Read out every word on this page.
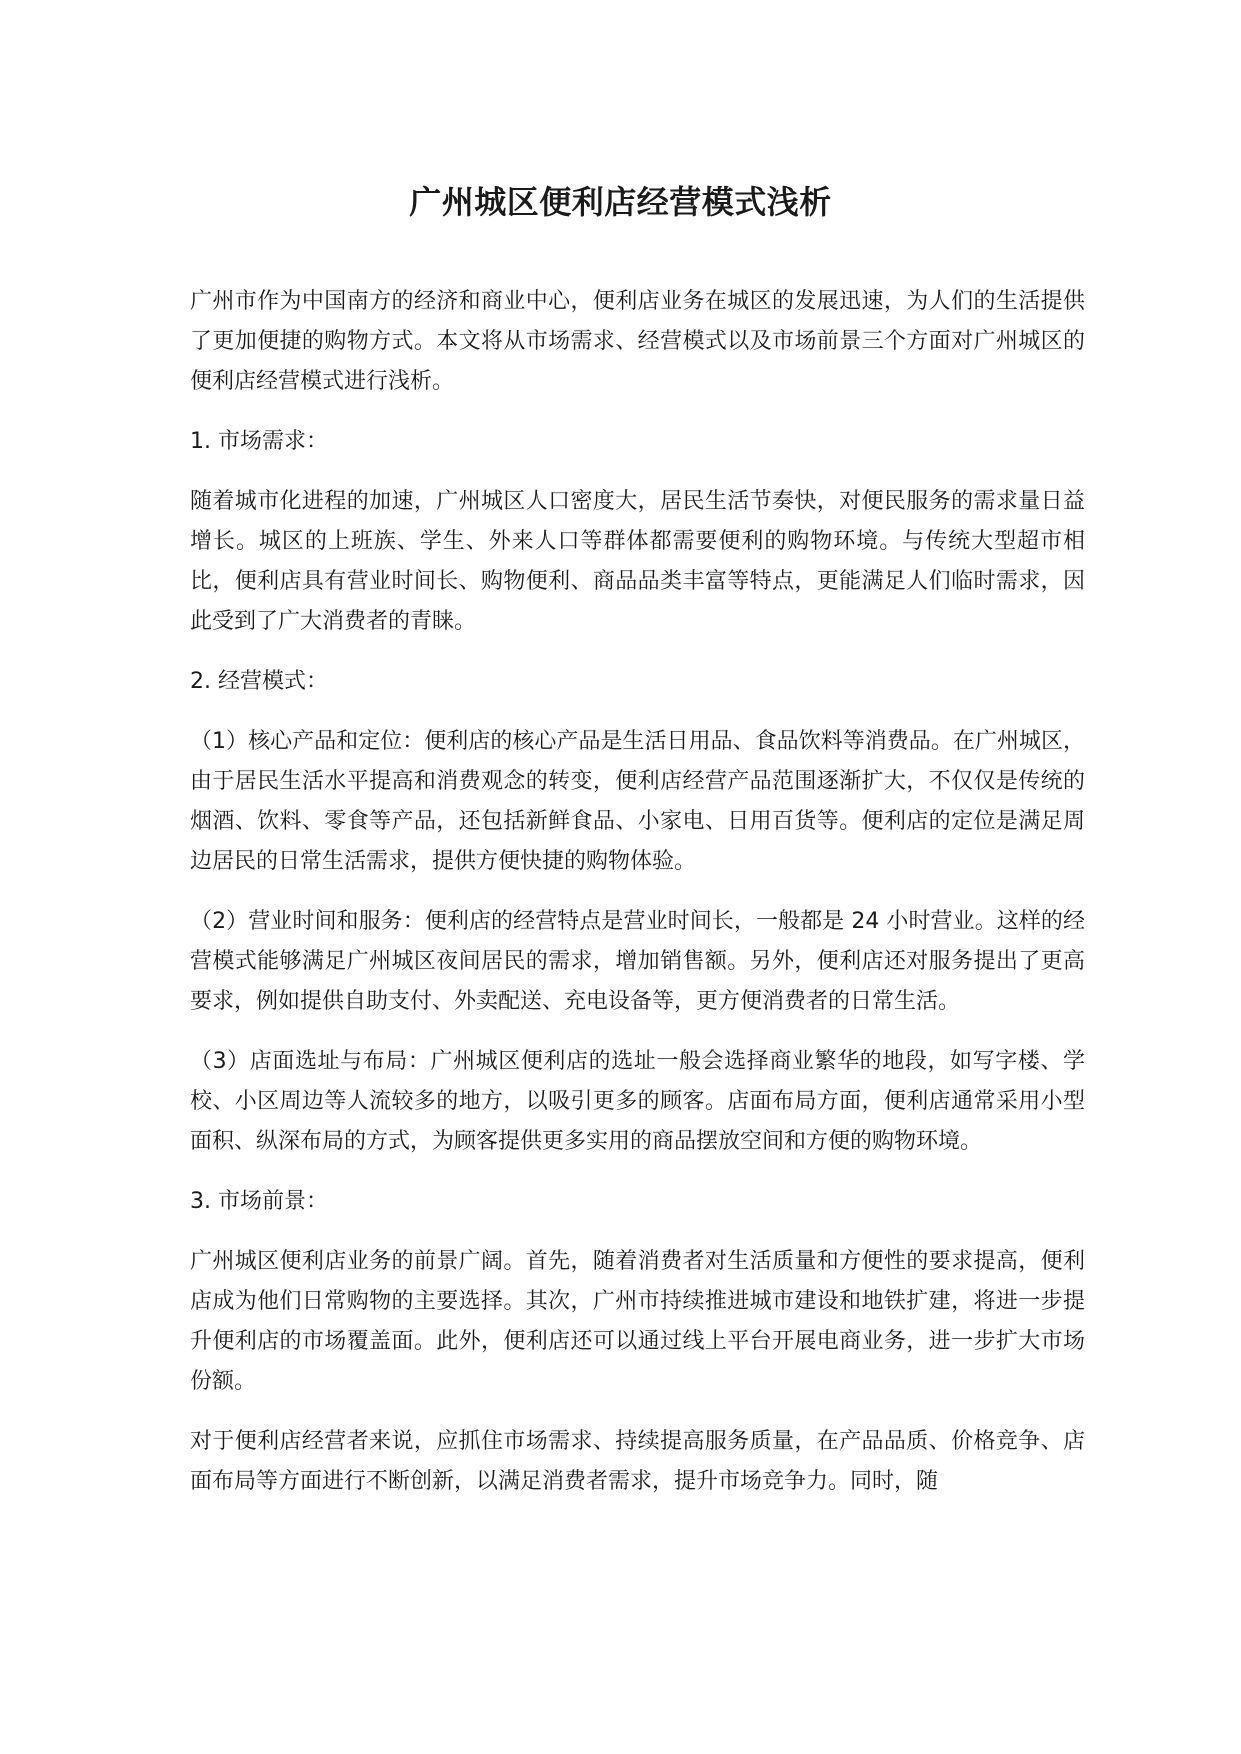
广州城区便利店经营模式浅析

广州市作为中国南方的经济和商业中心，便利店业务在城区的发展迅速，为人们的生活提供了更加便捷的购物方式。本文将从市场需求、经营模式以及市场前景三个方面对广州城区的便利店经营模式进行浅析。

1. 市场需求：

随着城市化进程的加速，广州城区人口密度大，居民生活节奏快，对便民服务的需求量日益增长。城区的上班族、学生、外来人口等群体都需要便利的购物环境。与传统大型超市相比，便利店具有营业时间长、购物便利、商品品类丰富等特点，更能满足人们临时需求，因此受到了广大消费者的青睐。

2. 经营模式：

（1）核心产品和定位：便利店的核心产品是生活日用品、食品饮料等消费品。在广州城区，由于居民生活水平提高和消费观念的转变，便利店经营产品范围逐渐扩大，不仅仅是传统的烟酒、饮料、零食等产品，还包括新鲜食品、小家电、日用百货等。便利店的定位是满足周边居民的日常生活需求，提供方便快捷的购物体验。

（2）营业时间和服务：便利店的经营特点是营业时间长，一般都是 24 小时营业。这样的经营模式能够满足广州城区夜间居民的需求，增加销售额。另外，便利店还对服务提出了更高要求，例如提供自助支付、外卖配送、充电设备等，更方便消费者的日常生活。

（3）店面选址与布局：广州城区便利店的选址一般会选择商业繁华的地段，如写字楼、学校、小区周边等人流较多的地方，以吸引更多的顾客。店面布局方面，便利店通常采用小型面积、纵深布局的方式，为顾客提供更多实用的商品摆放空间和方便的购物环境。

3. 市场前景：

广州城区便利店业务的前景广阔。首先，随着消费者对生活质量和方便性的要求提高，便利店成为他们日常购物的主要选择。其次，广州市持续推进城市建设和地铁扩建，将进一步提升便利店的市场覆盖面。此外，便利店还可以通过线上平台开展电商业务，进一步扩大市场份额。

对于便利店经营者来说，应抓住市场需求、持续提高服务质量，在产品品质、价格竞争、店面布局等方面进行不断创新，以满足消费者需求，提升市场竞争力。同时，随
